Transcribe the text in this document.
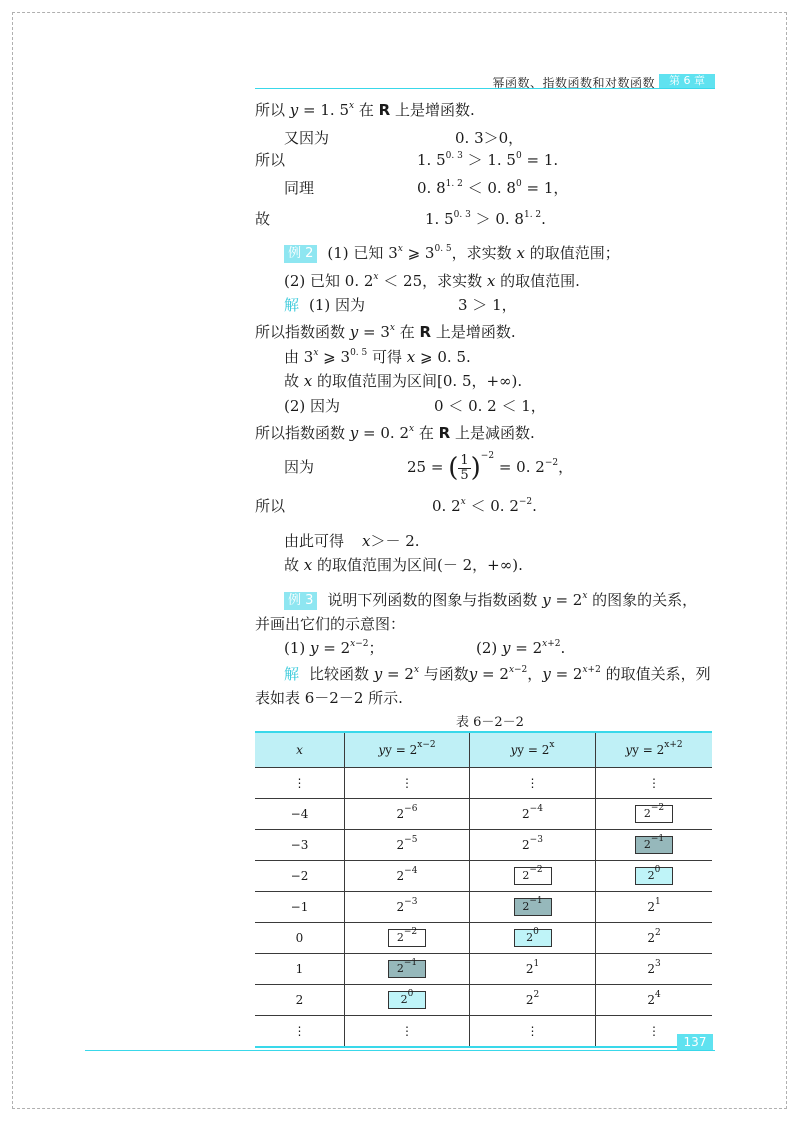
幂函数、指数函数和对数函数	第 6 章
所以 y = 1. 5$^x$ 在 R 上是增函数.
又因为	0. 3＞0，
所以	1. $5^{0. 3} > 1$. $5^0 = 1$.
同理	0. $8^{1. 2} < 0$. $8^0 = 1$，
故	1. $5^{0. 3} > 0$. $8^{1. 2}$.
例 2 (1) 已知 3$^x$ ⩾ $3^{0. 5}$，求实数 x 的取值范围；
(2) 已知 0. $2^x < 25$，求实数 x 的取值范围.
解 (1) 因为	3 ＞ 1，
所以指数函数 $y = 3^x$ 在 R 上是增函数.
由 3$^x$ ⩾ $3^{0. 5}$ 可得 x ⩾ 0. 5.
故 x 的取值范围为区间[0. 5，+∞).
(2) 因为	0 ＜ 0. 2 ＜ 1，
所以指数函数 y = 0. 2$^x$ 在 R 上是减函数.
因为	25 = ( $\frac{1}{5} )^{-2} = 0$. $2^{-2}$，
所以	0. $2^x < 0$. $2^{-2}$.
由此可得 x＞－ 2.
故 x 的取值范围为区间(－ 2，+∞).
例 3 说明下列函数的图象与指数函数 $y = 2^x$ 的图象的关系，
并画出它们的示意图：
(1) $y = 2^{x-2}$；	(2) $y = 2^{x+2}$.
解 比较函数 $y = 2^x$ 与函数$y = 2^{x-2}$，$y = 2^{x+2}$ 的取值关系，列
表如表 6－2－2 所示.
表 6－2－2
x	yy = $2^{x-2}$	yy = $2^x$	yy = $2^{x+2}$
⋮	⋮	⋮	⋮
−4	$2^{-6}$	$2^{-4}$	$2^{-2}$
−3	$2^{-5}$	$2^{-3}$	$2^{-1}$
−2	$2^{-4}$	$2^{-2}$	$2^0$
−1	$2^{-3}$	$2^{-1}$	$2^1$
0	$2^{-2}$	$2^0$	$2^2$
1	$2^{-1}$	$2^1$	$2^3$
2	$2^0$	$2^2$	$2^4$
⋮	⋮	⋮	⋮
137
